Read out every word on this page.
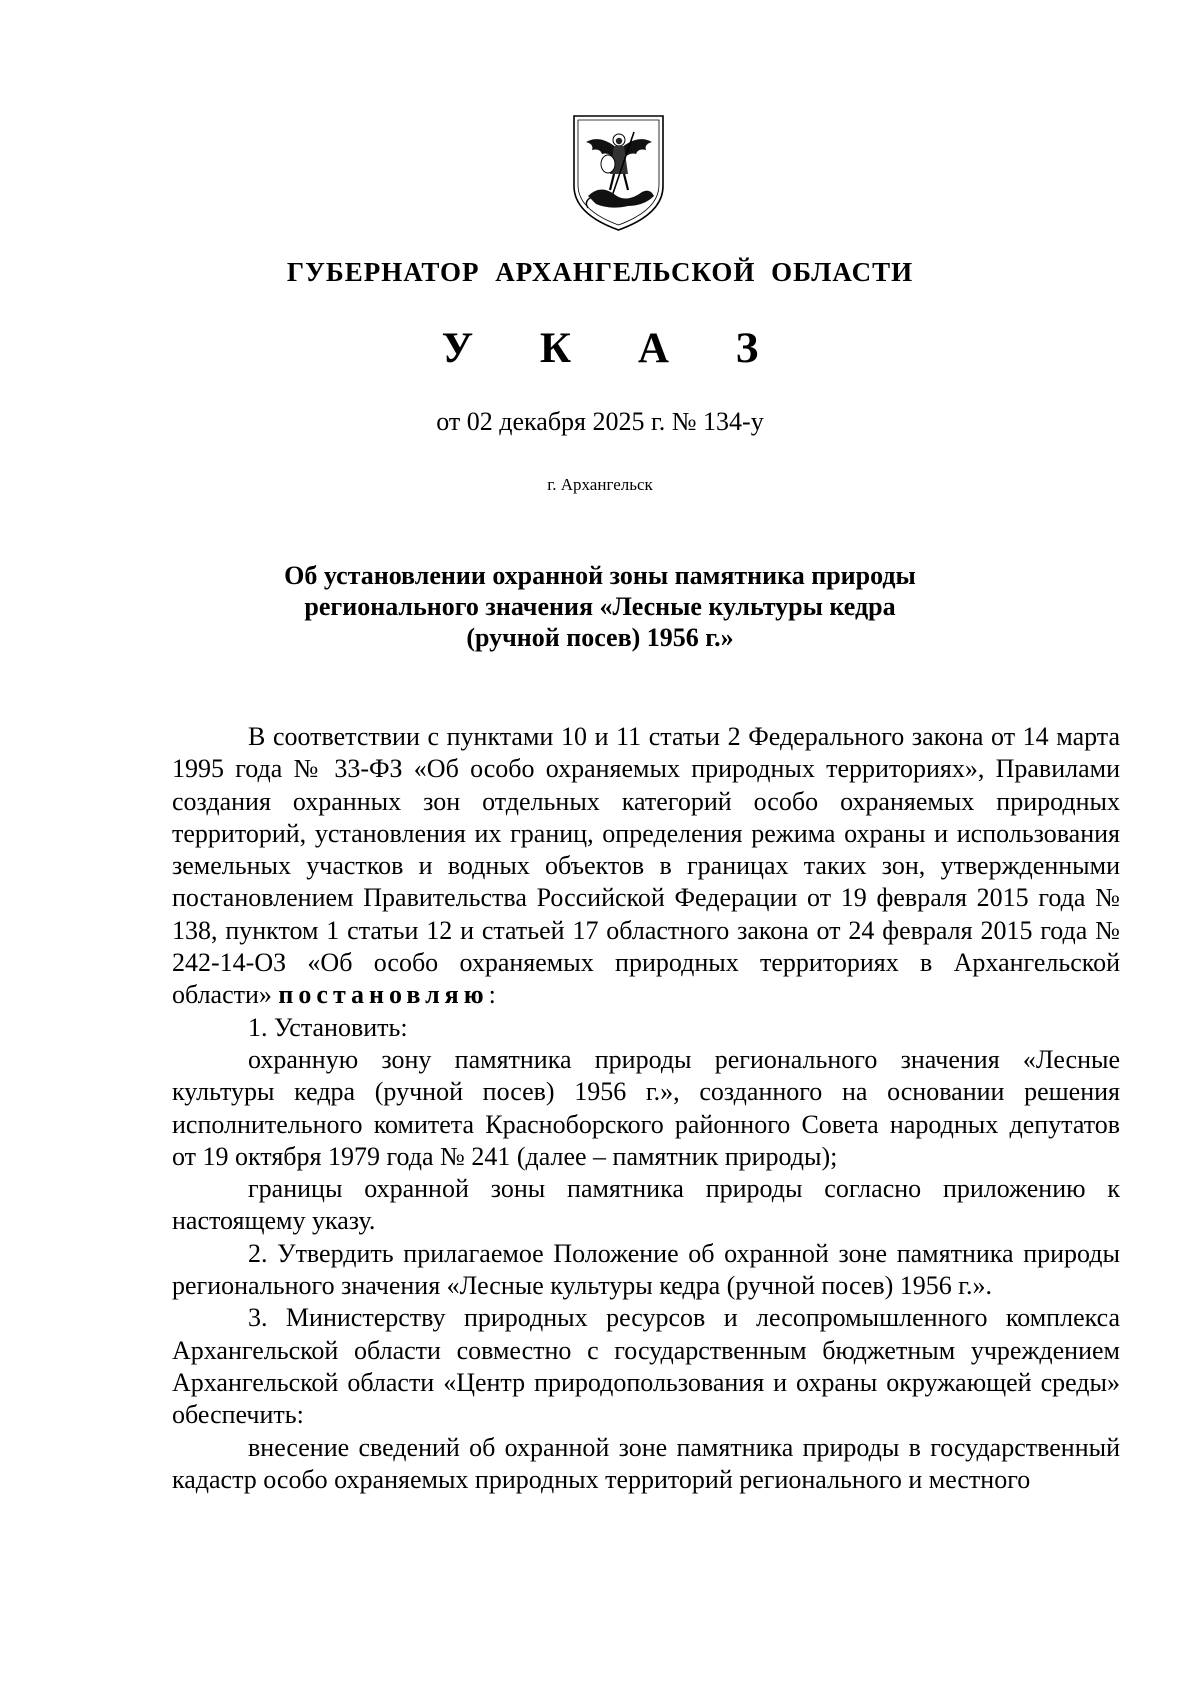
ГУБЕРНАТОР АРХАНГЕЛЬСКОЙ ОБЛАСТИ

У К А З

от 02 декабря 2025 г. № 134-у

г. Архангельск

Об установлении охранной зоны памятника природы
регионального значения «Лесные культуры кедра
(ручной посев) 1956 г.»

В соответствии с пунктами 10 и 11 статьи 2 Федерального закона от 14 марта 1995 года № 33-ФЗ «Об особо охраняемых природных территориях», Правилами создания охранных зон отдельных категорий особо охраняемых природных территорий, установления их границ, определения режима охраны и использования земельных участков и водных объектов в границах таких зон, утвержденными постановлением Правительства Российской Федерации от 19 февраля 2015 года № 138, пунктом 1 статьи 12 и статьей 17 областного закона от 24 февраля 2015 года № 242-14-ОЗ «Об особо охраняемых природных территориях в Архангельской области» постановляю:

1. Установить:

охранную зону памятника природы регионального значения «Лесные культуры кедра (ручной посев) 1956 г.», созданного на основании решения исполнительного комитета Красноборского районного Совета народных депутатов от 19 октября 1979 года № 241 (далее – памятник природы);

границы охранной зоны памятника природы согласно приложению к настоящему указу.

2. Утвердить прилагаемое Положение об охранной зоне памятника природы регионального значения «Лесные культуры кедра (ручной посев) 1956 г.».

3. Министерству природных ресурсов и лесопромышленного комплекса Архангельской области совместно с государственным бюджетным учреждением Архангельской области «Центр природопользования и охраны окружающей среды» обеспечить:

внесение сведений об охранной зоне памятника природы в государственный кадастр особо охраняемых природных территорий регионального и местного
